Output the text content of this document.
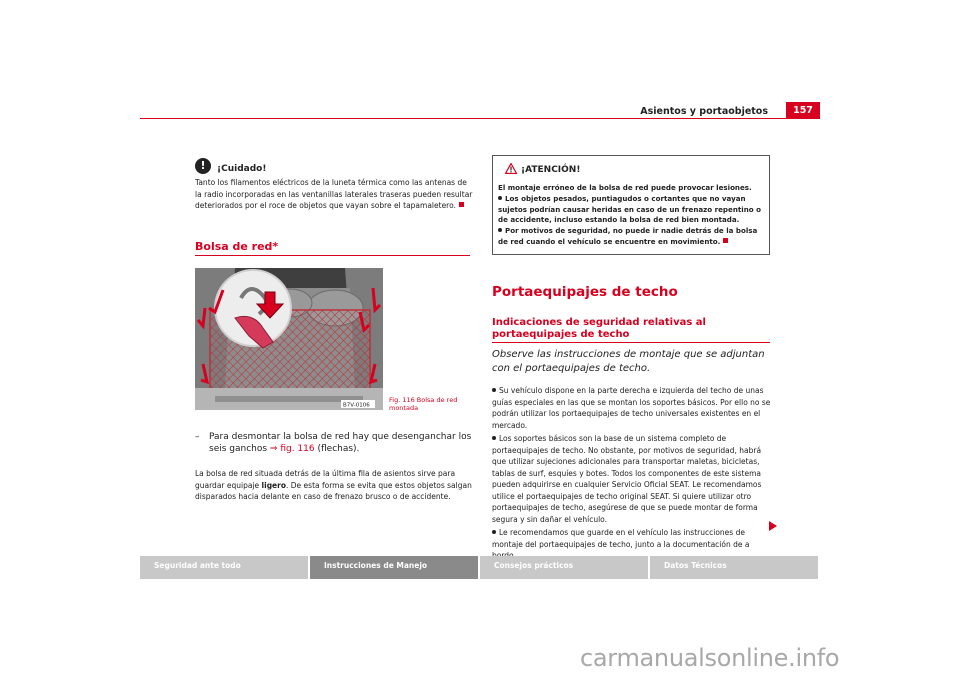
Asientos y portaobjetos	157
!	¡Cuidado!
Tanto los filamentos eléctricos de la luneta térmica como las antenas de la radio incorporadas en las ventanillas laterales traseras pueden resultar deteriorados por el roce de objetos que vayan sobre el tapamaletero.
Bolsa de red*
B7V-0106
Fig. 116 Bolsa de red
montada
– Para desmontar la bolsa de red hay que desenganchar los seis ganchos ⇒ fig. 116 (flechas).
La bolsa de red situada detrás de la última fila de asientos sirve para guardar equipaje ligero. De esta forma se evita que estos objetos salgan disparados hacia delante en caso de frenazo brusco o de accidente.
¡ATENCIÓN!
El montaje erróneo de la bolsa de red puede provocar lesiones.
Los objetos pesados, puntiagudos o cortantes que no vayan sujetos podrían causar heridas en caso de un frenazo repentino o de accidente, incluso estando la bolsa de red bien montada.
Por motivos de seguridad, no puede ir nadie detrás de la bolsa de red cuando el vehículo se encuentre en movimiento.
Portaequipajes de techo
Indicaciones de seguridad relativas al portaequipajes de techo
Observe las instrucciones de montaje que se adjuntan con el portaequipajes de techo.
Su vehículo dispone en la parte derecha e izquierda del techo de unas guías especiales en las que se montan los soportes básicos. Por ello no se podrán utilizar los portaequipajes de techo universales existentes en el mercado.
Los soportes básicos son la base de un sistema completo de portaequipajes de techo. No obstante, por motivos de seguridad, habrá que utilizar sujeciones adicionales para transportar maletas, bicicletas, tablas de surf, esquíes y botes. Todos los componentes de este sistema pueden adquirirse en cualquier Servicio Oficial SEAT. Le recomendamos utilice el portaequipajes de techo original SEAT. Si quiere utilizar otro portaequipajes de techo, asegúrese de que se puede montar de forma segura y sin dañar el vehículo.
Le recomendamos que guarde en el vehículo las instrucciones de montaje del portaequipajes de techo, junto a la documentación de a
Seguridad ante todo	Instrucciones de Manejo	Consejos prácticos	Datos Técnicos
carmanualsonline.info
